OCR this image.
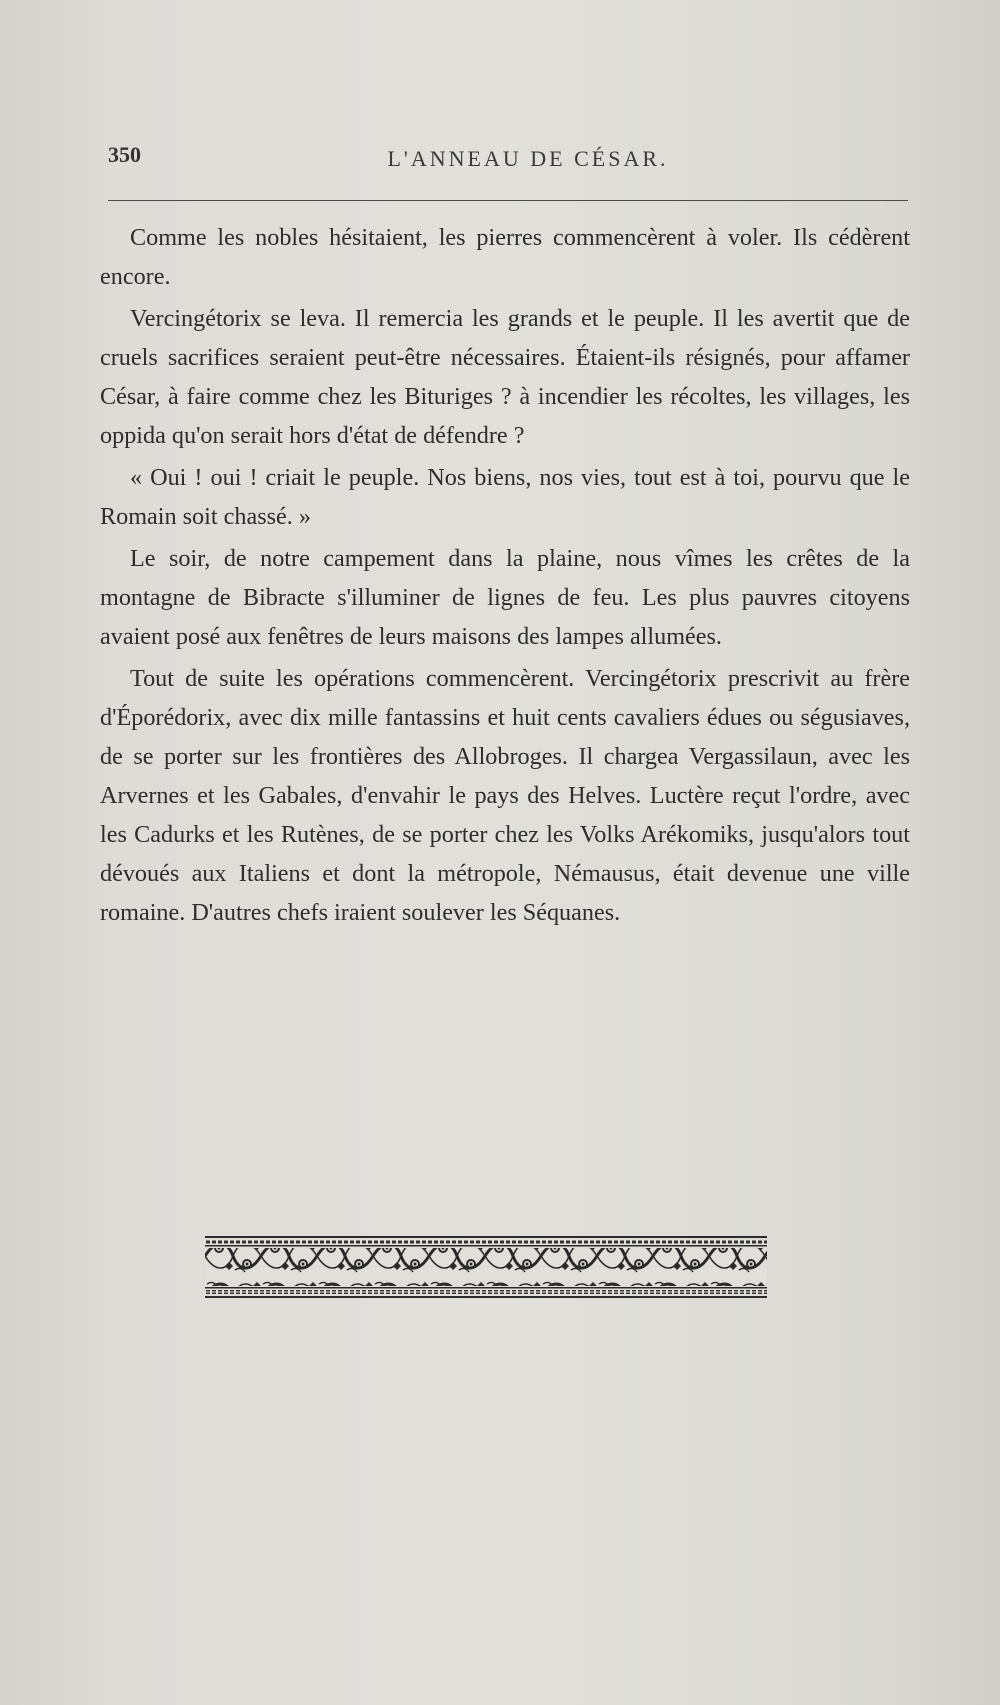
350	L'ANNEAU DE CÉSAR.

Comme les nobles hésitaient, les pierres commencèrent à voler. Ils cédèrent encore.

Vercingétorix se leva. Il remercia les grands et le peuple. Il les avertit que de cruels sacrifices seraient peut-être nécessaires. Étaient-ils résignés, pour affamer César, à faire comme chez les Bituriges ? à incendier les récoltes, les villages, les oppida qu'on serait hors d'état de défendre ?

« Oui ! oui ! criait le peuple. Nos biens, nos vies, tout est à toi, pourvu que le Romain soit chassé. »

Le soir, de notre campement dans la plaine, nous vîmes les crêtes de la montagne de Bibracte s'illuminer de lignes de feu. Les plus pauvres citoyens avaient posé aux fenêtres de leurs maisons des lampes allumées.

Tout de suite les opérations commencèrent. Vercingétorix prescrivit au frère d'Éporédorix, avec dix mille fantassins et huit cents cavaliers édues ou ségusiaves, de se porter sur les frontières des Allobroges. Il chargea Vergassilaun, avec les Arvernes et les Gabales, d'envahir le pays des Helves. Luctère reçut l'ordre, avec les Cadurks et les Rutènes, de se porter chez les Volks Arékomiks, jusqu'alors tout dévoués aux Italiens et dont la métropole, Némausus, était devenue une ville romaine. D'autres chefs iraient soulever les Séquanes.
